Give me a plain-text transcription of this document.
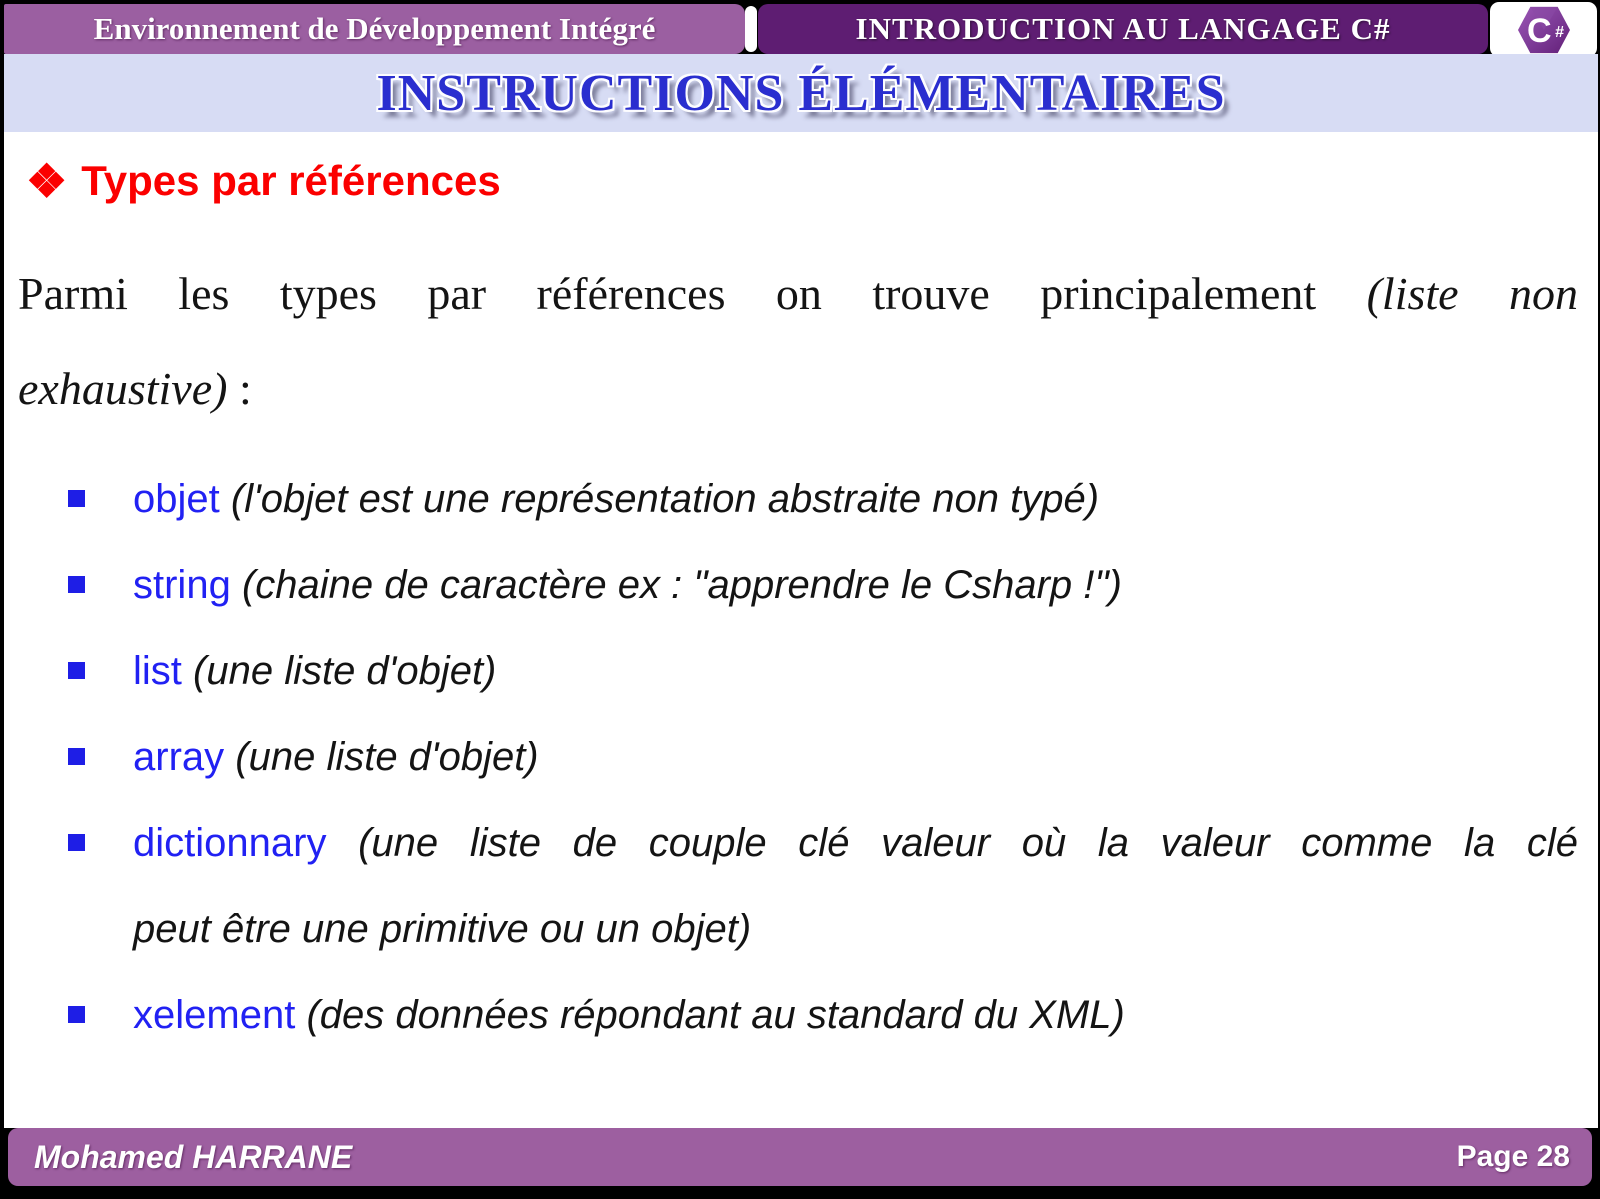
Environnement de Développement Intégré	INTRODUCTION AU LANGAGE C# C #
INSTRUCTIONS ÉLÉMENTAIRES
❖ Types par références

Parmi les types par références on trouve principalement (liste non
exhaustive) :

objet (l'objet est une représentation abstraite non typé)
string (chaine de caractère ex : "apprendre le Csharp !")
list (une liste d'objet)
array (une liste d'objet)
dictionnary (une liste de couple clé valeur où la valeur comme la clé
peut être une primitive ou un objet)
xelement (des données répondant au standard du XML)
Mohamed HARRANE	Page 28
